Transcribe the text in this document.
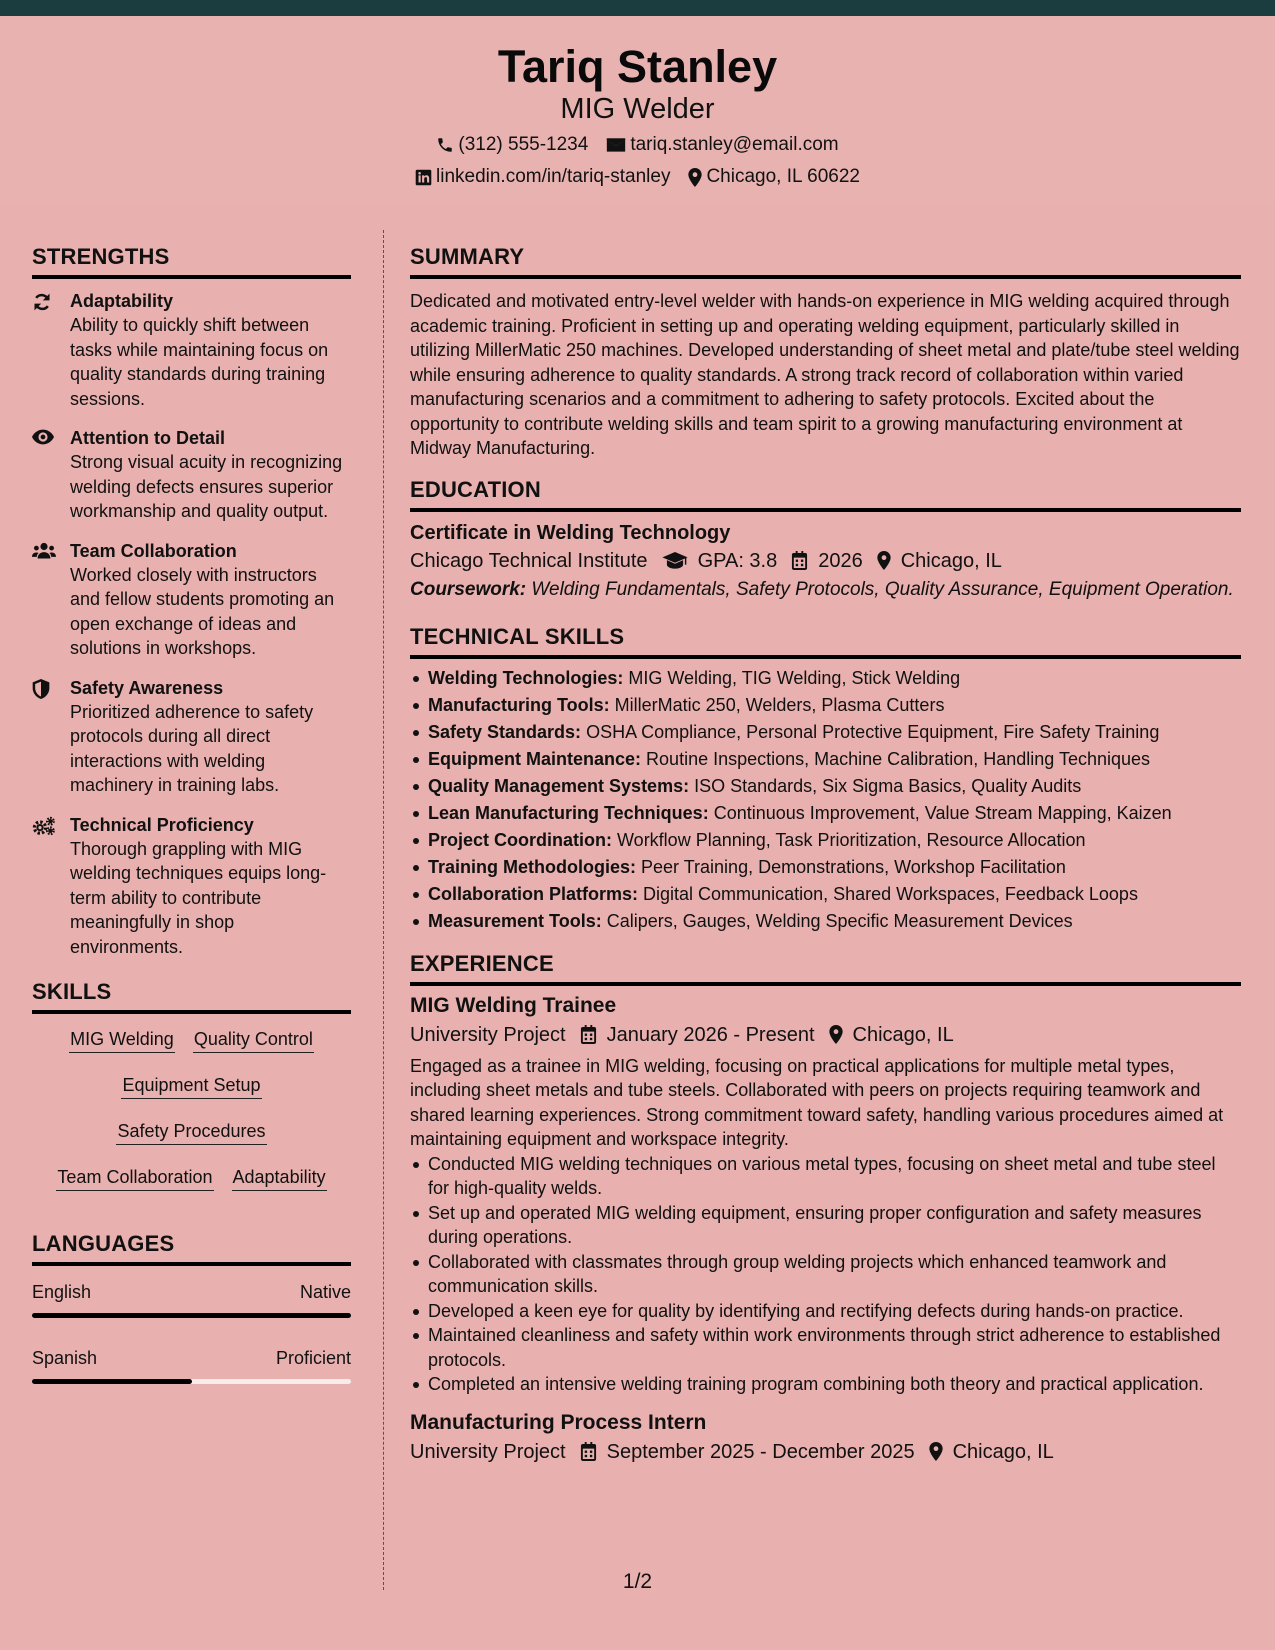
Tariq Stanley
MIG Welder
(312) 555-1234 tariq.stanley@email.com
linkedin.com/in/tariq-stanley Chicago, IL 60622
STRENGTHS
Adaptability
Ability to quickly shift between tasks while maintaining focus on quality standards during training sessions.
Attention to Detail
Strong visual acuity in recognizing welding defects ensures superior workmanship and quality output.
Team Collaboration
Worked closely with instructors and fellow students promoting an open exchange of ideas and solutions in workshops.
Safety Awareness
Prioritized adherence to safety protocols during all direct interactions with welding machinery in training labs.
Technical Proficiency
Thorough grappling with MIG welding techniques equips long-term ability to contribute meaningfully in shop environments.
SKILLS
MIG Welding Quality Control
Equipment Setup
Safety Procedures
Team Collaboration Adaptability
LANGUAGES
English	Native
Spanish	Proficient
SUMMARY
Dedicated and motivated entry-level welder with hands-on experience in MIG welding acquired through academic training. Proficient in setting up and operating welding equipment, particularly skilled in utilizing MillerMatic 250 machines. Developed understanding of sheet metal and plate/tube steel welding while ensuring adherence to quality standards. A strong track record of collaboration within varied manufacturing scenarios and a commitment to adhering to safety protocols. Excited about the opportunity to contribute welding skills and team spirit to a growing manufacturing environment at Midway Manufacturing.
EDUCATION
Certificate in Welding Technology
Chicago Technical Institute	GPA: 3.8 2026 Chicago, IL
Coursework: Welding Fundamentals, Safety Protocols, Quality Assurance, Equipment Operation.
TECHNICAL SKILLS
Welding Technologies: MIG Welding, TIG Welding, Stick Welding
Manufacturing Tools: MillerMatic 250, Welders, Plasma Cutters
Safety Standards: OSHA Compliance, Personal Protective Equipment, Fire Safety Training
Equipment Maintenance: Routine Inspections, Machine Calibration, Handling Techniques
Quality Management Systems: ISO Standards, Six Sigma Basics, Quality Audits
Lean Manufacturing Techniques: Continuous Improvement, Value Stream Mapping, Kaizen
Project Coordination: Workflow Planning, Task Prioritization, Resource Allocation
Training Methodologies: Peer Training, Demonstrations, Workshop Facilitation
Collaboration Platforms: Digital Communication, Shared Workspaces, Feedback Loops
Measurement Tools: Calipers, Gauges, Welding Specific Measurement Devices
EXPERIENCE
MIG Welding Trainee
University Project January 2026 - Present Chicago, IL
Engaged as a trainee in MIG welding, focusing on practical applications for multiple metal types, including sheet metals and tube steels. Collaborated with peers on projects requiring teamwork and shared learning experiences. Strong commitment toward safety, handling various procedures aimed at maintaining equipment and workspace integrity.
Conducted MIG welding techniques on various metal types, focusing on sheet metal and tube steel for high-quality welds.
Set up and operated MIG welding equipment, ensuring proper configuration and safety measures during operations.
Collaborated with classmates through group welding projects which enhanced teamwork and communication skills.
Developed a keen eye for quality by identifying and rectifying defects during hands-on practice.
Maintained cleanliness and safety within work environments through strict adherence to established protocols.
Completed an intensive welding training program combining both theory and practical application.
Manufacturing Process Intern
University Project September 2025 - December 2025 Chicago, IL
1/2
